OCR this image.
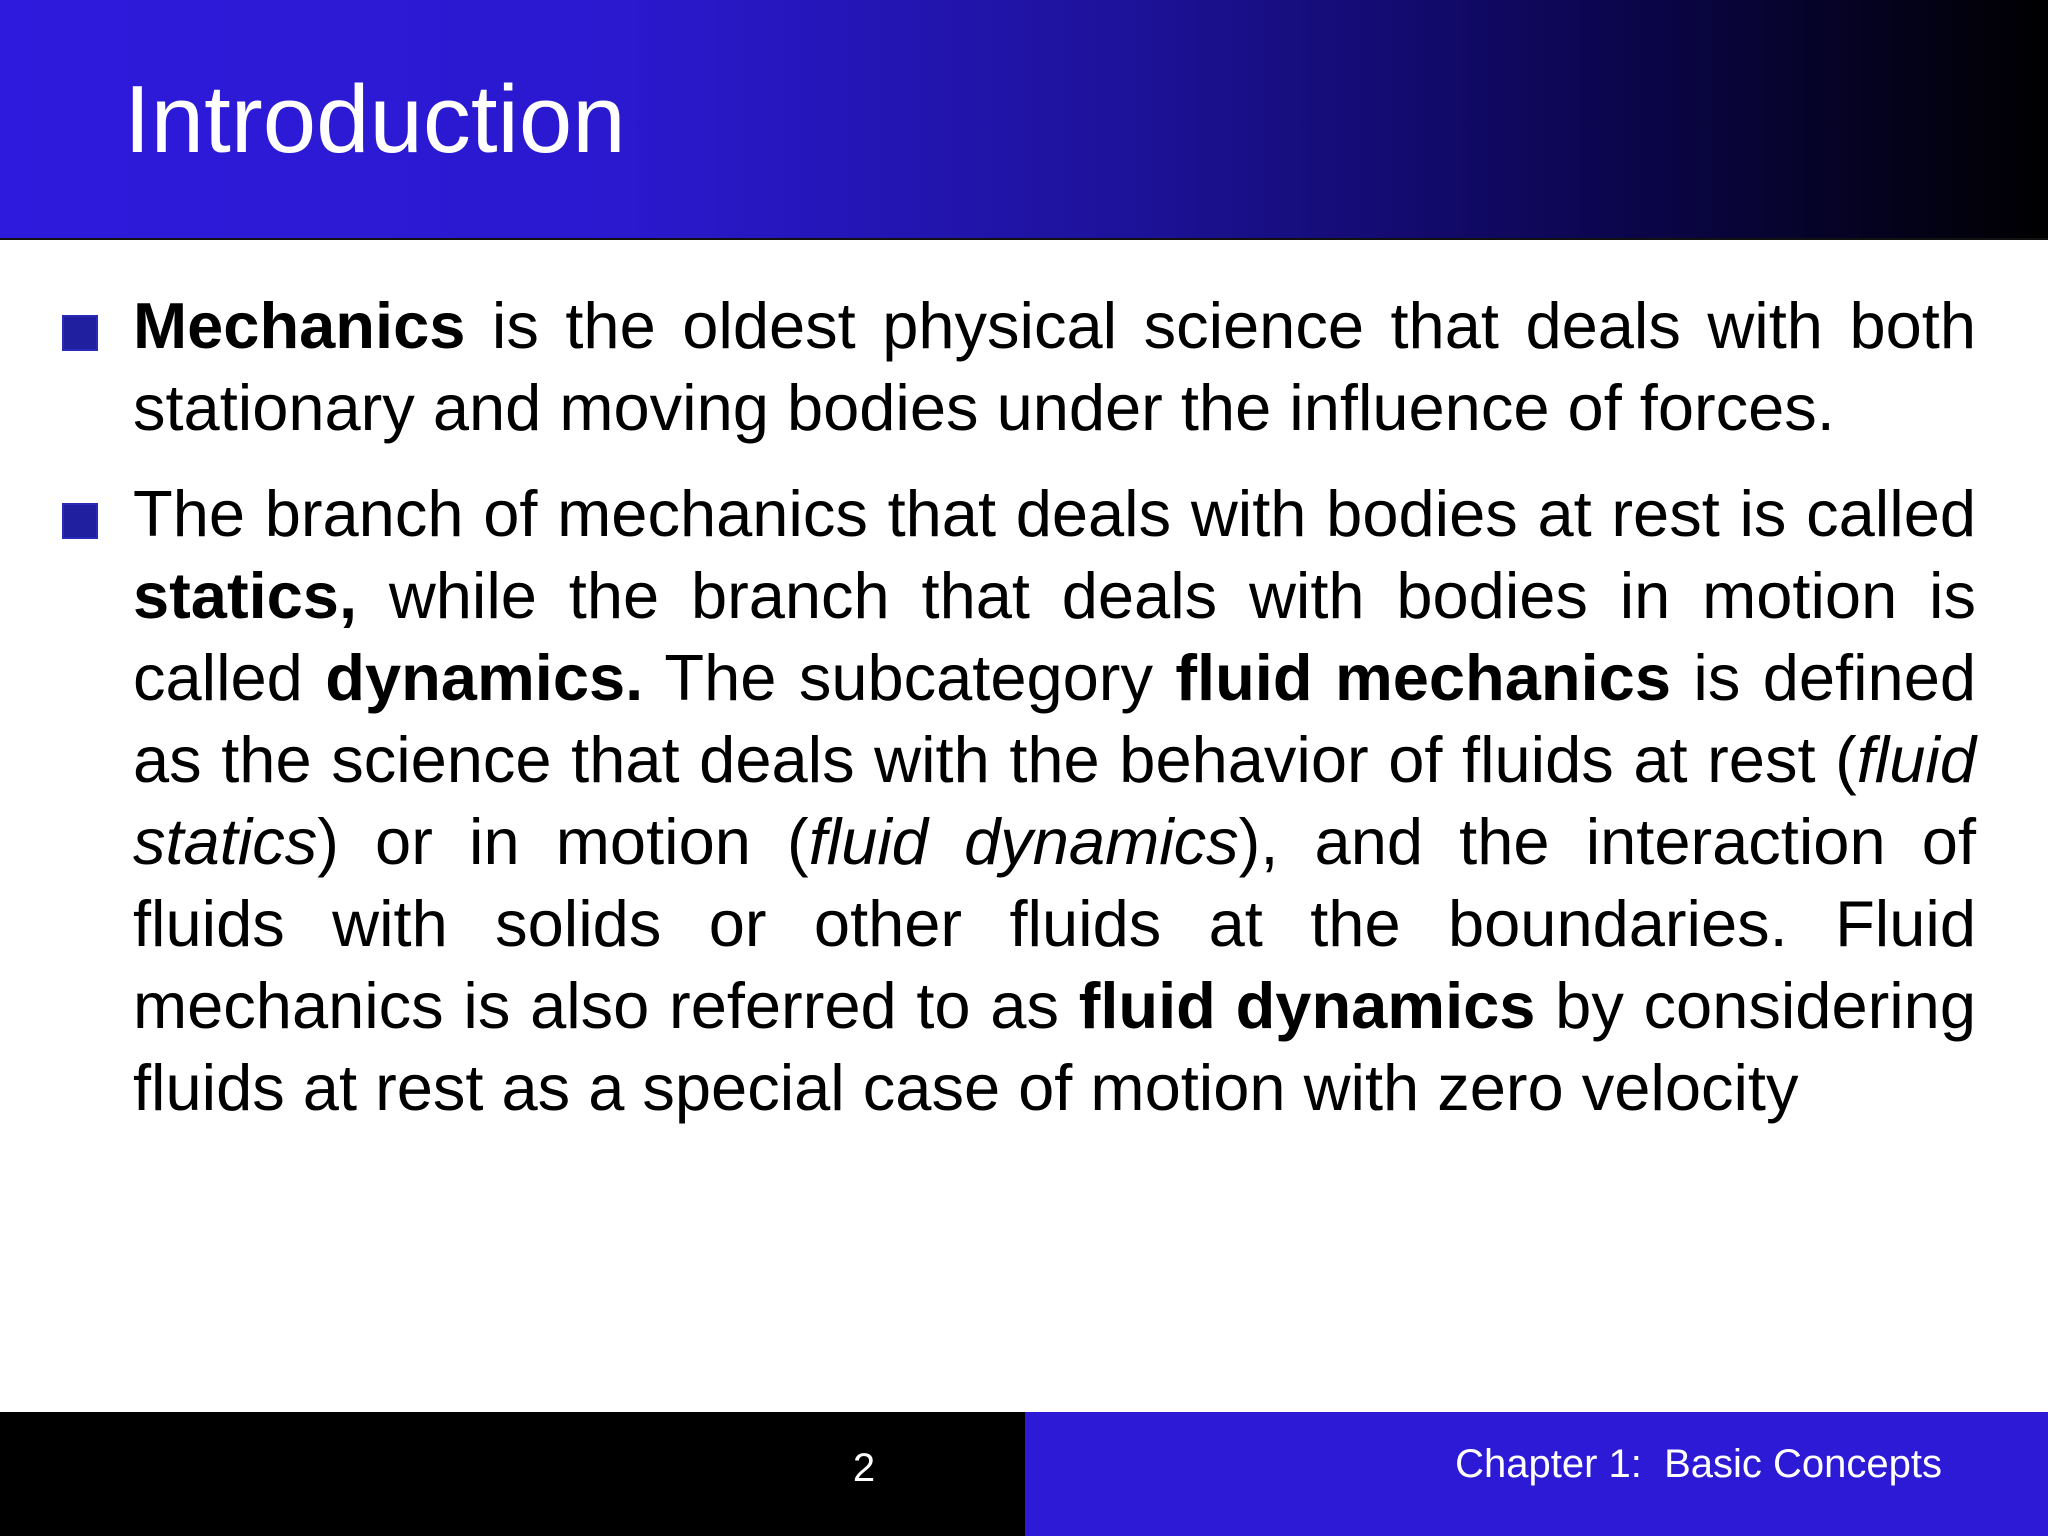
Introduction

Mechanics is the oldest physical science that deals with both stationary and moving bodies under the influence of forces.

The branch of mechanics that deals with bodies at rest is called statics, while the branch that deals with bodies in motion is called dynamics. The subcategory fluid mechanics is defined as the science that deals with the behavior of fluids at rest (fluid statics) or in motion (fluid dynamics), and the interaction of fluids with solids or other fluids at the boundaries. Fluid mechanics is also referred to as fluid dynamics by considering fluids at rest as a special case of motion with zero velocity

2	Chapter 1:  Basic Concepts
